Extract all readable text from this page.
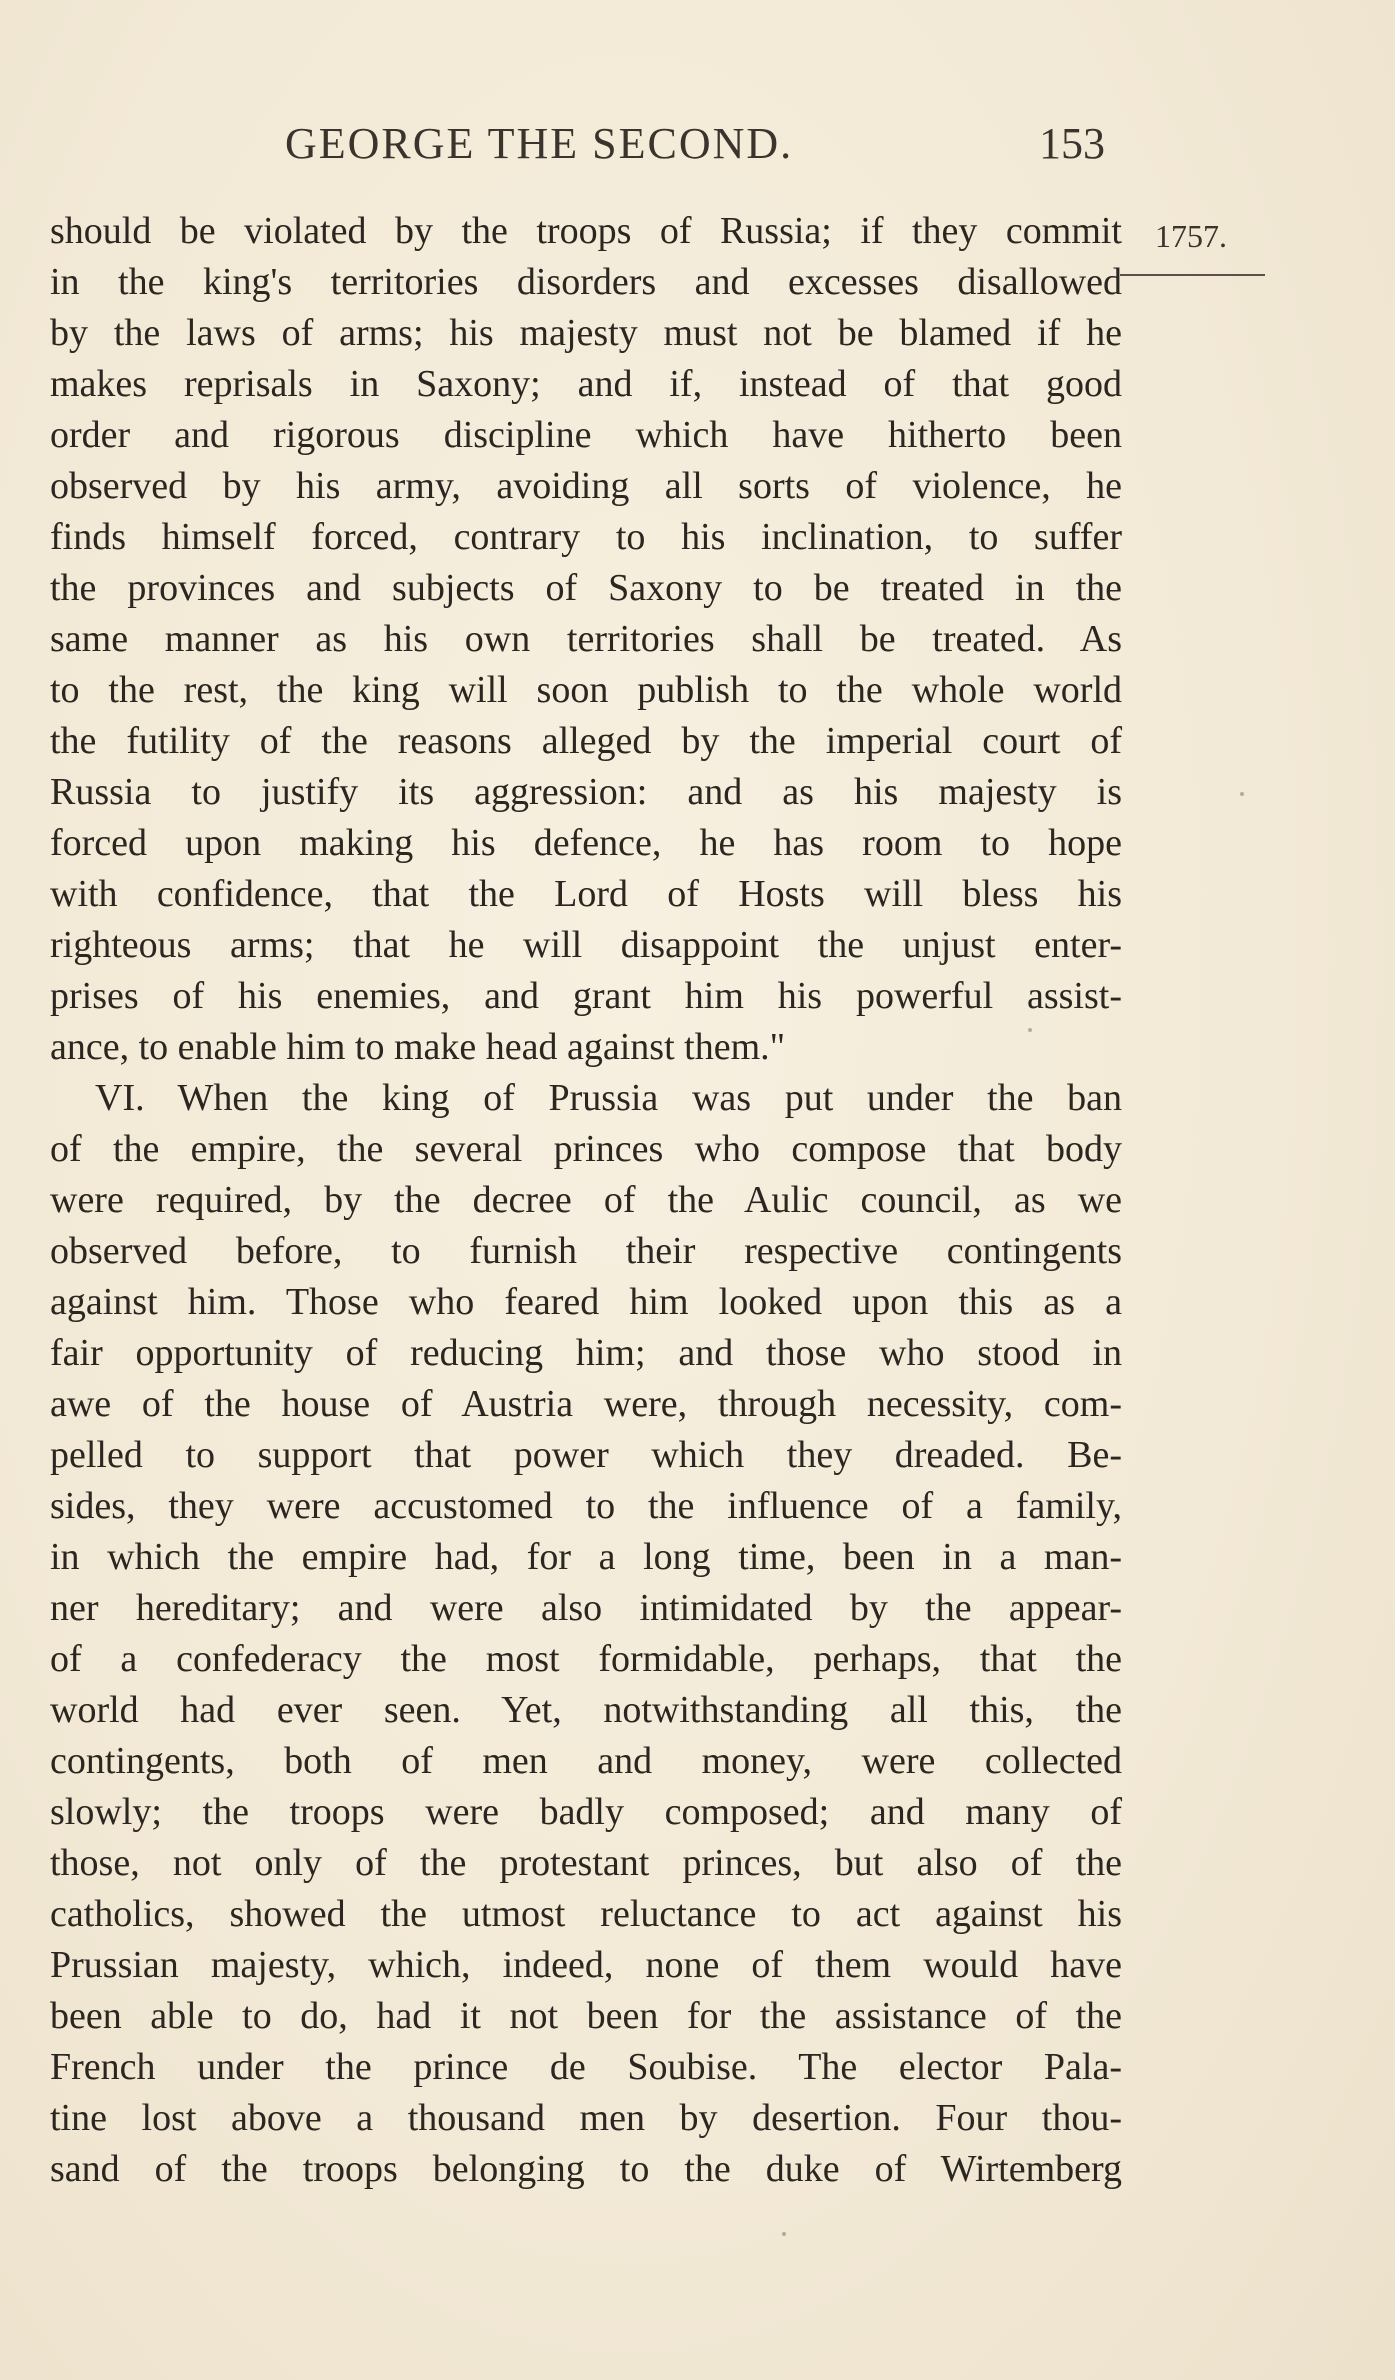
GEORGE THE SECOND.	153
1757.
should be violated by the troops of Russia; if they commit
in the king's territories disorders and excesses disallowed
by the laws of arms; his majesty must not be blamed if he
makes reprisals in Saxony; and if, instead of that good
order and rigorous discipline which have hitherto been
observed by his army, avoiding all sorts of violence, he
finds himself forced, contrary to his inclination, to suffer
the provinces and subjects of Saxony to be treated in the
same manner as his own territories shall be treated. As
to the rest, the king will soon publish to the whole world
the futility of the reasons alleged by the imperial court of
Russia to justify its aggression: and as his majesty is
forced upon making his defence, he has room to hope
with confidence, that the Lord of Hosts will bless his
righteous arms; that he will disappoint the unjust enter-
prises of his enemies, and grant him his powerful assist-
ance, to enable him to make head against them."
VI. When the king of Prussia was put under the ban
of the empire, the several princes who compose that body
were required, by the decree of the Aulic council, as we
observed before, to furnish their respective contingents
against him. Those who feared him looked upon this as a
fair opportunity of reducing him; and those who stood in
awe of the house of Austria were, through necessity, com-
pelled to support that power which they dreaded. Be-
sides, they were accustomed to the influence of a family,
in which the empire had, for a long time, been in a man-
ner hereditary; and were also intimidated by the appear-
of a confederacy the most formidable, perhaps, that the
world had ever seen. Yet, notwithstanding all this, the
contingents, both of men and money, were collected
slowly; the troops were badly composed; and many of
those, not only of the protestant princes, but also of the
catholics, showed the utmost reluctance to act against his
Prussian majesty, which, indeed, none of them would have
been able to do, had it not been for the assistance of the
French under the prince de Soubise. The elector Pala-
tine lost above a thousand men by desertion. Four thou-
sand of the troops belonging to the duke of Wirtemberg
